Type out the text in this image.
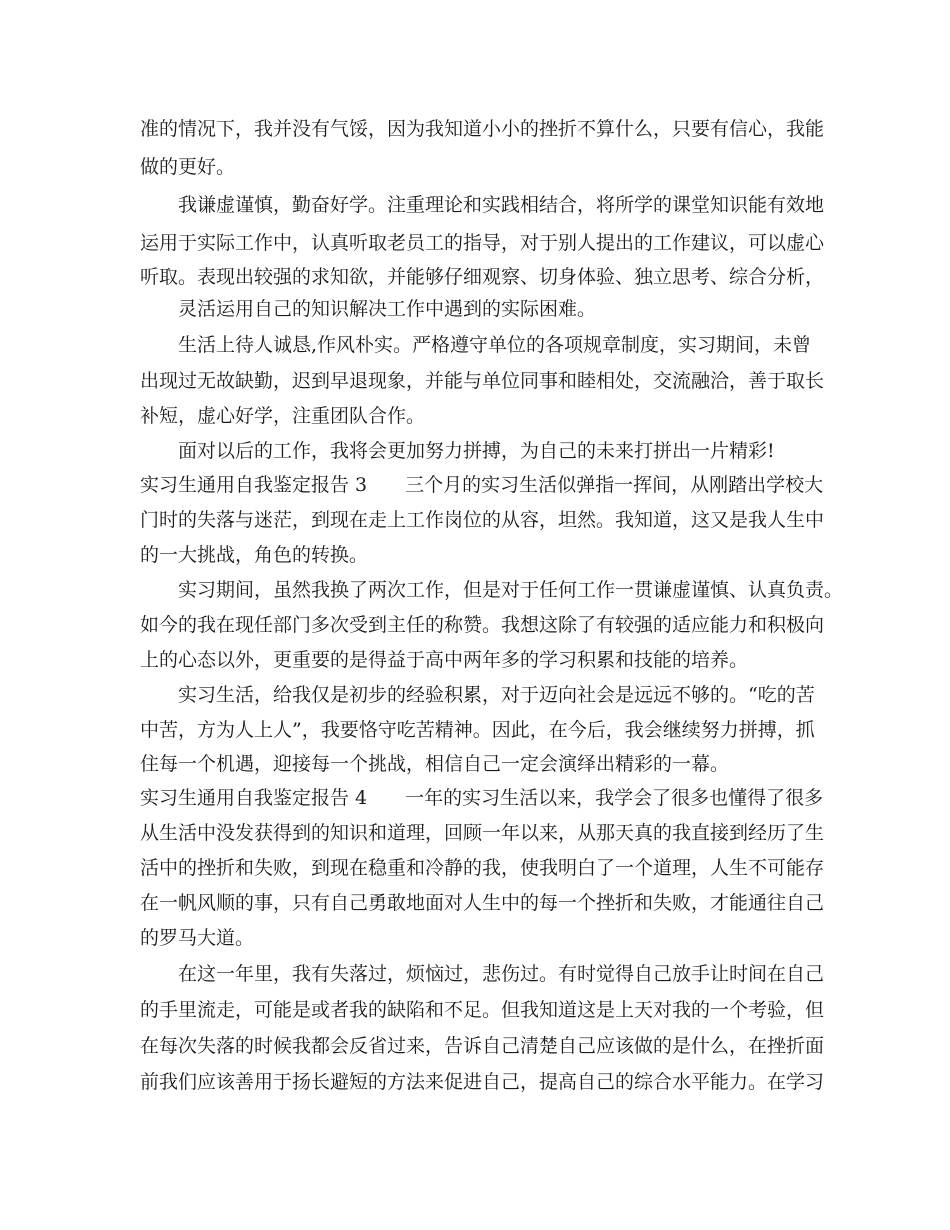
准的情况下，我并没有气馁，因为我知道小小的挫折不算什么，只要有信心，我能
做的更好。
我谦虚谨慎，勤奋好学。注重理论和实践相结合，将所学的课堂知识能有效地
运用于实际工作中，认真听取老员工的指导，对于别人提出的工作建议，可以虚心
听取。表现出较强的求知欲，并能够仔细观察、切身体验、独立思考、综合分析，
灵活运用自己的知识解决工作中遇到的实际困难。
生活上待人诚恳,作风朴实。严格遵守单位的各项规章制度，实习期间，未曾
出现过无故缺勤，迟到早退现象，并能与单位同事和睦相处，交流融洽，善于取长
补短，虚心好学，注重团队合作。
面对以后的工作，我将会更加努力拼搏，为自己的未来打拼出一片精彩!
实习生通用自我鉴定报告 3 三个月的实习生活似弹指一挥间，从刚踏出学校大
门时的失落与迷茫，到现在走上工作岗位的从容，坦然。我知道，这又是我人生中
的一大挑战，角色的转换。
实习期间，虽然我换了两次工作，但是对于任何工作一贯谦虚谨慎、认真负责。
如今的我在现任部门多次受到主任的称赞。我想这除了有较强的适应能力和积极向
上的心态以外，更重要的是得益于高中两年多的学习积累和技能的培养。
实习生活，给我仅是初步的经验积累，对于迈向社会是远远不够的。“吃的苦
中苦，方为人上人”，我要恪守吃苦精神。因此，在今后，我会继续努力拼搏，抓
住每一个机遇，迎接每一个挑战，相信自己一定会演绎出精彩的一幕。
实习生通用自我鉴定报告 4 一年的实习生活以来，我学会了很多也懂得了很多
从生活中没发获得到的知识和道理，回顾一年以来，从那天真的我直接到经历了生
活中的挫折和失败，到现在稳重和冷静的我，使我明白了一个道理，人生不可能存
在一帆风顺的事，只有自己勇敢地面对人生中的每一个挫折和失败，才能通往自己
的罗马大道。
在这一年里，我有失落过，烦恼过，悲伤过。有时觉得自己放手让时间在自己
的手里流走，可能是或者我的缺陷和不足。但我知道这是上天对我的一个考验，但
在每次失落的时候我都会反省过来，告诉自己清楚自己应该做的是什么，在挫折面
前我们应该善用于扬长避短的方法来促进自己，提高自己的综合水平能力。在学习
